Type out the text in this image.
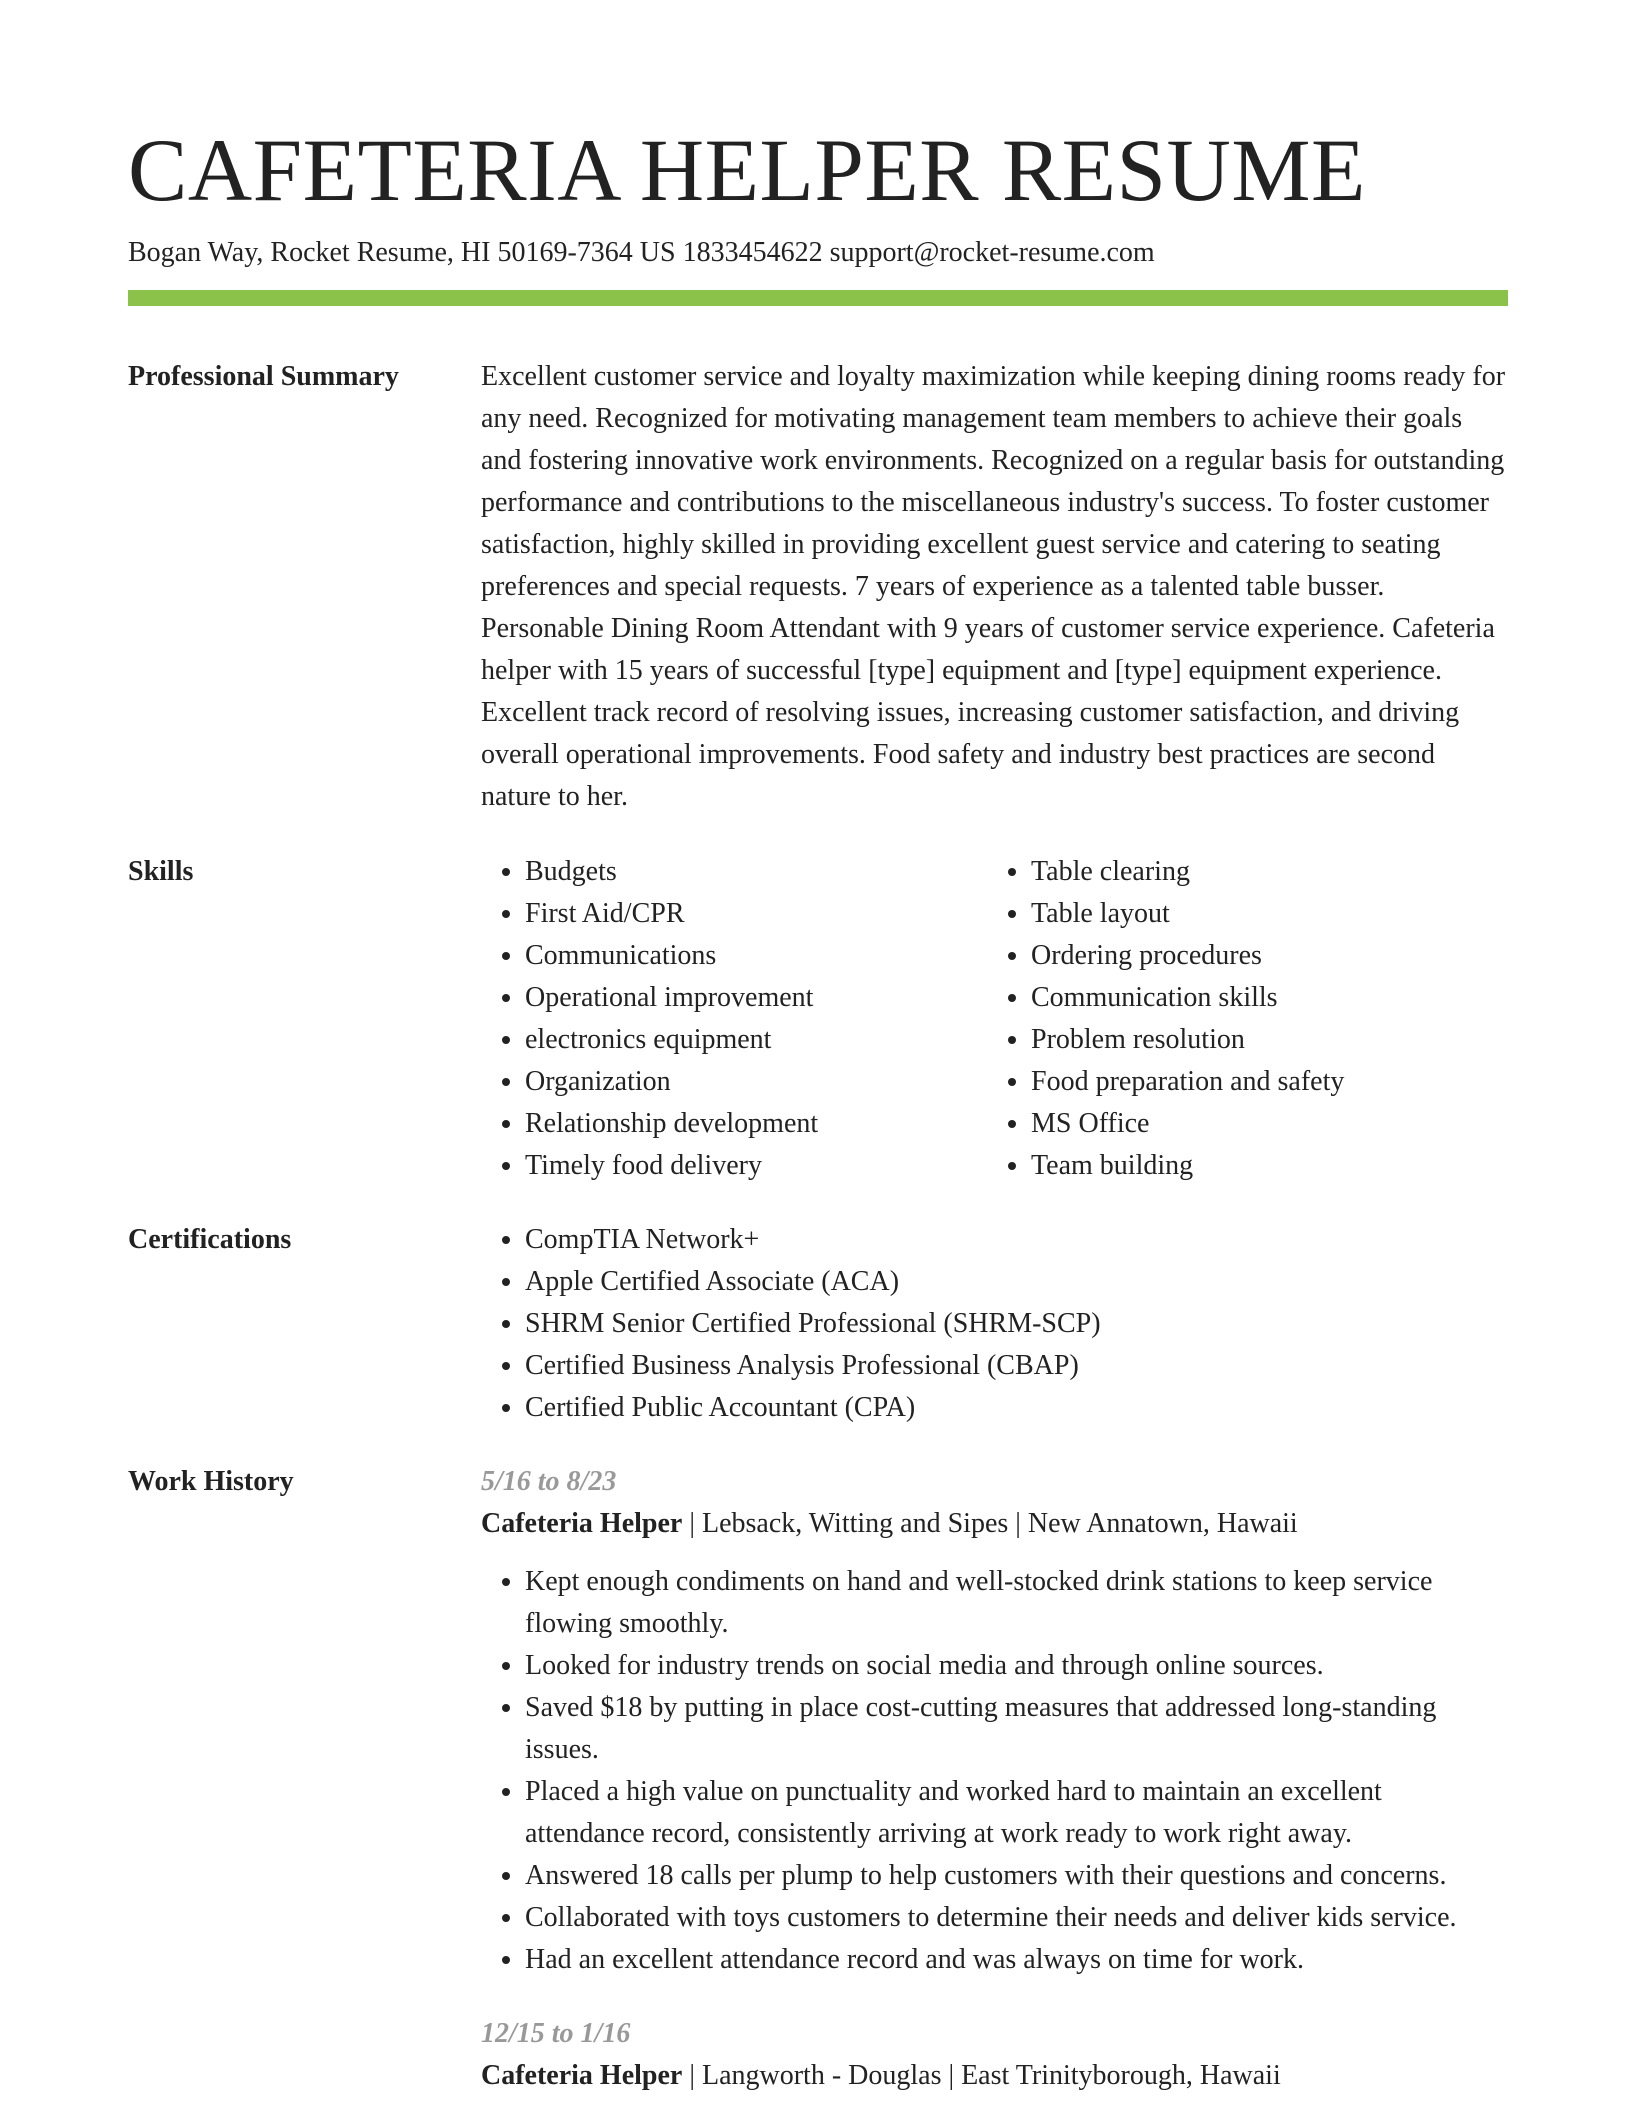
CAFETERIA HELPER RESUME
Bogan Way, Rocket Resume, HI 50169-7364 US 1833454622 support@rocket-resume.com
Professional Summary	Excellent customer service and loyalty maximization while keeping dining rooms ready for any need. Recognized for motivating management team members to achieve their goals and fostering innovative work environments. Recognized on a regular basis for outstanding performance and contributions to the miscellaneous industry's success. To foster customer satisfaction, highly skilled in providing excellent guest service and catering to seating preferences and special requests. 7 years of experience as a talented table busser. Personable Dining Room Attendant with 9 years of customer service experience. Cafeteria helper with 15 years of successful [type] equipment and [type] equipment experience. Excellent track record of resolving issues, increasing customer satisfaction, and driving overall operational improvements. Food safety and industry best practices are second nature to her.
Skills	• Budgets
• First Aid/CPR
• Communications
• Operational improvement
• electronics equipment
• Organization
• Relationship development
• Timely food delivery
• Table clearing
• Table layout
• Ordering procedures
• Communication skills
• Problem resolution
• Food preparation and safety
• MS Office
• Team building
Certifications	• CompTIA Network+
• Apple Certified Associate (ACA)
• SHRM Senior Certified Professional (SHRM-SCP)
• Certified Business Analysis Professional (CBAP)
• Certified Public Accountant (CPA)
Work History	5/16 to 8/23
Cafeteria Helper | Lebsack, Witting and Sipes | New Annatown, Hawaii
• Kept enough condiments on hand and well-stocked drink stations to keep service flowing smoothly.
• Looked for industry trends on social media and through online sources.
• Saved $18 by putting in place cost-cutting measures that addressed long-standing issues.
• Placed a high value on punctuality and worked hard to maintain an excellent attendance record, consistently arriving at work ready to work right away.
• Answered 18 calls per plump to help customers with their questions and concerns.
• Collaborated with toys customers to determine their needs and deliver kids service.
• Had an excellent attendance record and was always on time for work.
12/15 to 1/16
Cafeteria Helper | Langworth - Douglas | East Trinityborough, Hawaii
